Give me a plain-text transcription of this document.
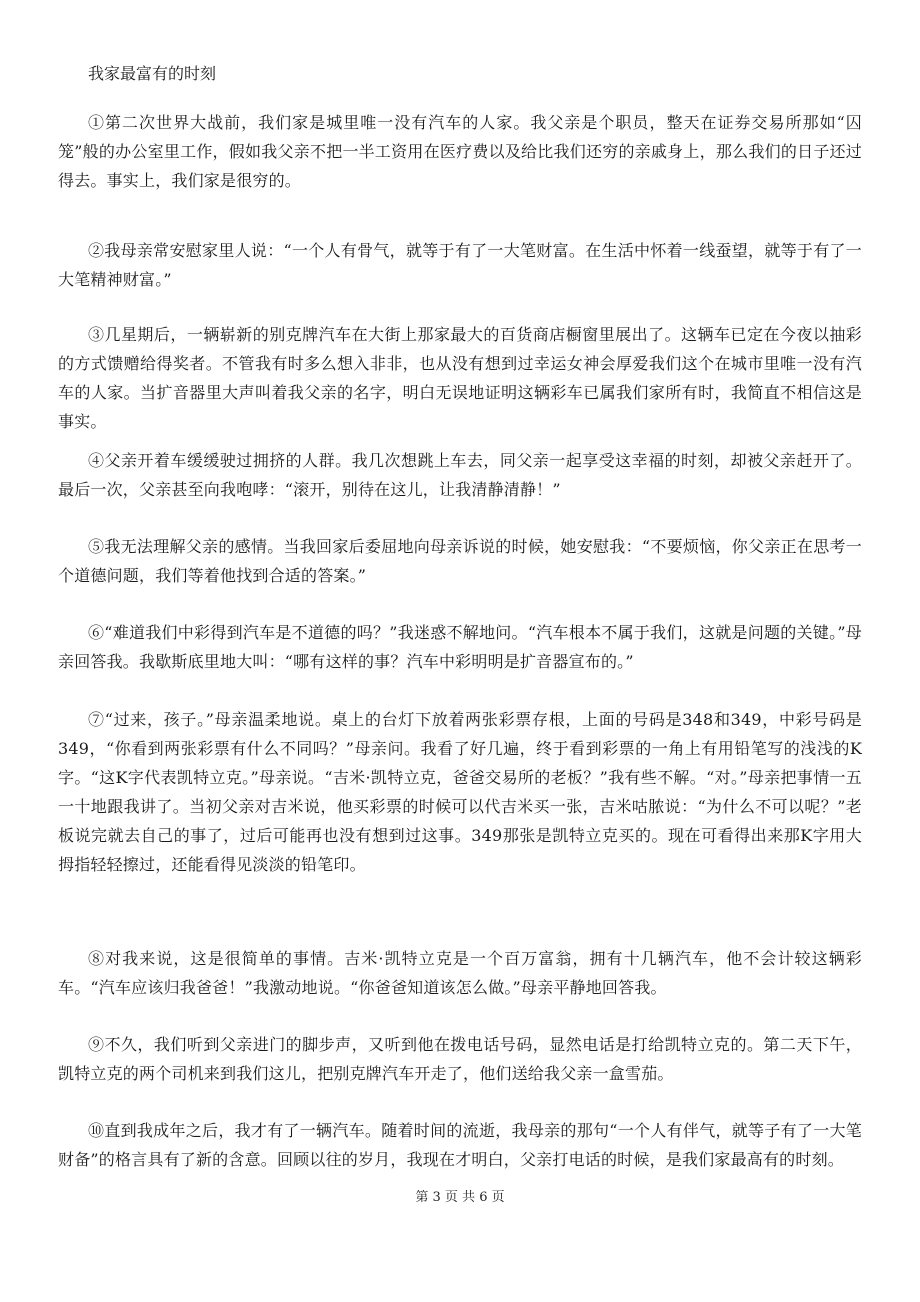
我家最富有的时刻

①第二次世界大战前，我们家是城里唯一没有汽车的人家。我父亲是个职员，整天在证券交易所那如“囚笼”般的办公室里工作，假如我父亲不把一半工资用在医疗费以及给比我们还穷的亲戚身上，那么我们的日子还过得去。事实上，我们家是很穷的。

②我母亲常安慰家里人说：“一个人有骨气，就等于有了一大笔财富。在生活中怀着一线蚕望，就等于有了一大笔精神财富。”

③几星期后，一辆崭新的别克牌汽车在大街上那家最大的百货商店橱窗里展出了。这辆车已定在今夜以抽彩的方式馈赠给得奖者。不管我有时多么想入非非，也从没有想到过幸运女神会厚爱我们这个在城市里唯一没有汽车的人家。当扩音器里大声叫着我父亲的名字，明白无误地证明这辆彩车已属我们家所有时，我简直不相信这是事实。

④父亲开着车缓缓驶过拥挤的人群。我几次想跳上车去，同父亲一起享受这幸福的时刻，却被父亲赶开了。最后一次，父亲甚至向我咆哮：“滚开，别待在这儿，让我清静清静！”

⑤我无法理解父亲的感情。当我回家后委屈地向母亲诉说的时候，她安慰我：“不要烦恼，你父亲正在思考一个道德问题，我们等着他找到合适的答案。”

⑥“难道我们中彩得到汽车是不道德的吗？”我迷惑不解地问。“汽车根本不属于我们，这就是问题的关键。”母亲回答我。我歇斯底里地大叫：“哪有这样的事？汽车中彩明明是扩音器宣布的。”

⑦“过来，孩子。”母亲温柔地说。桌上的台灯下放着两张彩票存根，上面的号码是348和349，中彩号码是349，“你看到两张彩票有什么不同吗？”母亲问。我看了好几遍，终于看到彩票的一角上有用铅笔写的浅浅的K字。“这K字代表凯特立克。”母亲说。“吉米·凯特立克，爸爸交易所的老板？”我有些不解。“对。”母亲把事情一五一十地跟我讲了。当初父亲对吉米说，他买彩票的时候可以代吉米买一张，吉米咕脓说：“为什么不可以呢？”老板说完就去自己的事了，过后可能再也没有想到过这事。349那张是凯特立克买的。现在可看得出来那K字用大拇指轻轻擦过，还能看得见淡淡的铅笔印。

⑧对我来说，这是很简单的事情。吉米·凯特立克是一个百万富翁，拥有十几辆汽车，他不会计较这辆彩车。“汽车应该归我爸爸！”我激动地说。“你爸爸知道该怎么做。”母亲平静地回答我。

⑨不久，我们听到父亲进门的脚步声，又听到他在拨电话号码，显然电话是打给凯特立克的。第二天下午，凯特立克的两个司机来到我们这儿，把别克牌汽车开走了，他们送给我父亲一盒雪茄。

⑩直到我成年之后，我才有了一辆汽车。随着时间的流逝，我母亲的那句“一个人有伴气，就等子有了一大笔财备”的格言具有了新的含意。回顾以往的岁月，我现在才明白，父亲打电话的时候，是我们家最高有的时刻。

第 3 页 共 6 页
